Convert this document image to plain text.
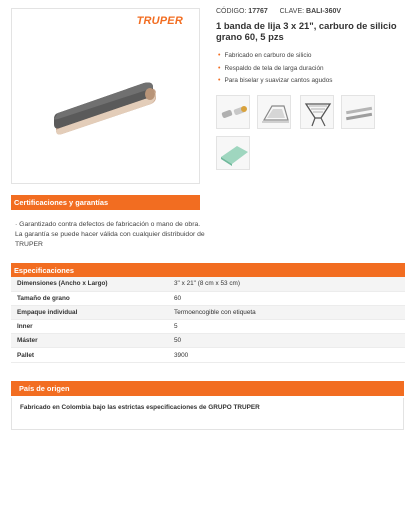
TRUPER
CÓDIGO: 17767 CLAVE: BALI-360V
1 banda de lija 3 x 21", carburo de silicio grano 60, 5 pzs
• Fabricado en carburo de silicio
• Respaldo de tela de larga duración
• Para biselar y suavizar cantos agudos
Certificaciones y garantías
· Garantizado contra defectos de fabricación o mano de obra. La garantía se puede hacer válida con cualquier distribuidor de TRUPER
Especificaciones
Dimensiones (Ancho x Largo)	3" x 21" (8 cm x 53 cm)
Tamaño de grano	60
Empaque individual	Termoencogible con etiqueta
Inner	5
Máster	50
Pallet	3900
País de origen
Fabricado en Colombia bajo las estrictas especificaciones de GRUPO TRUPER
